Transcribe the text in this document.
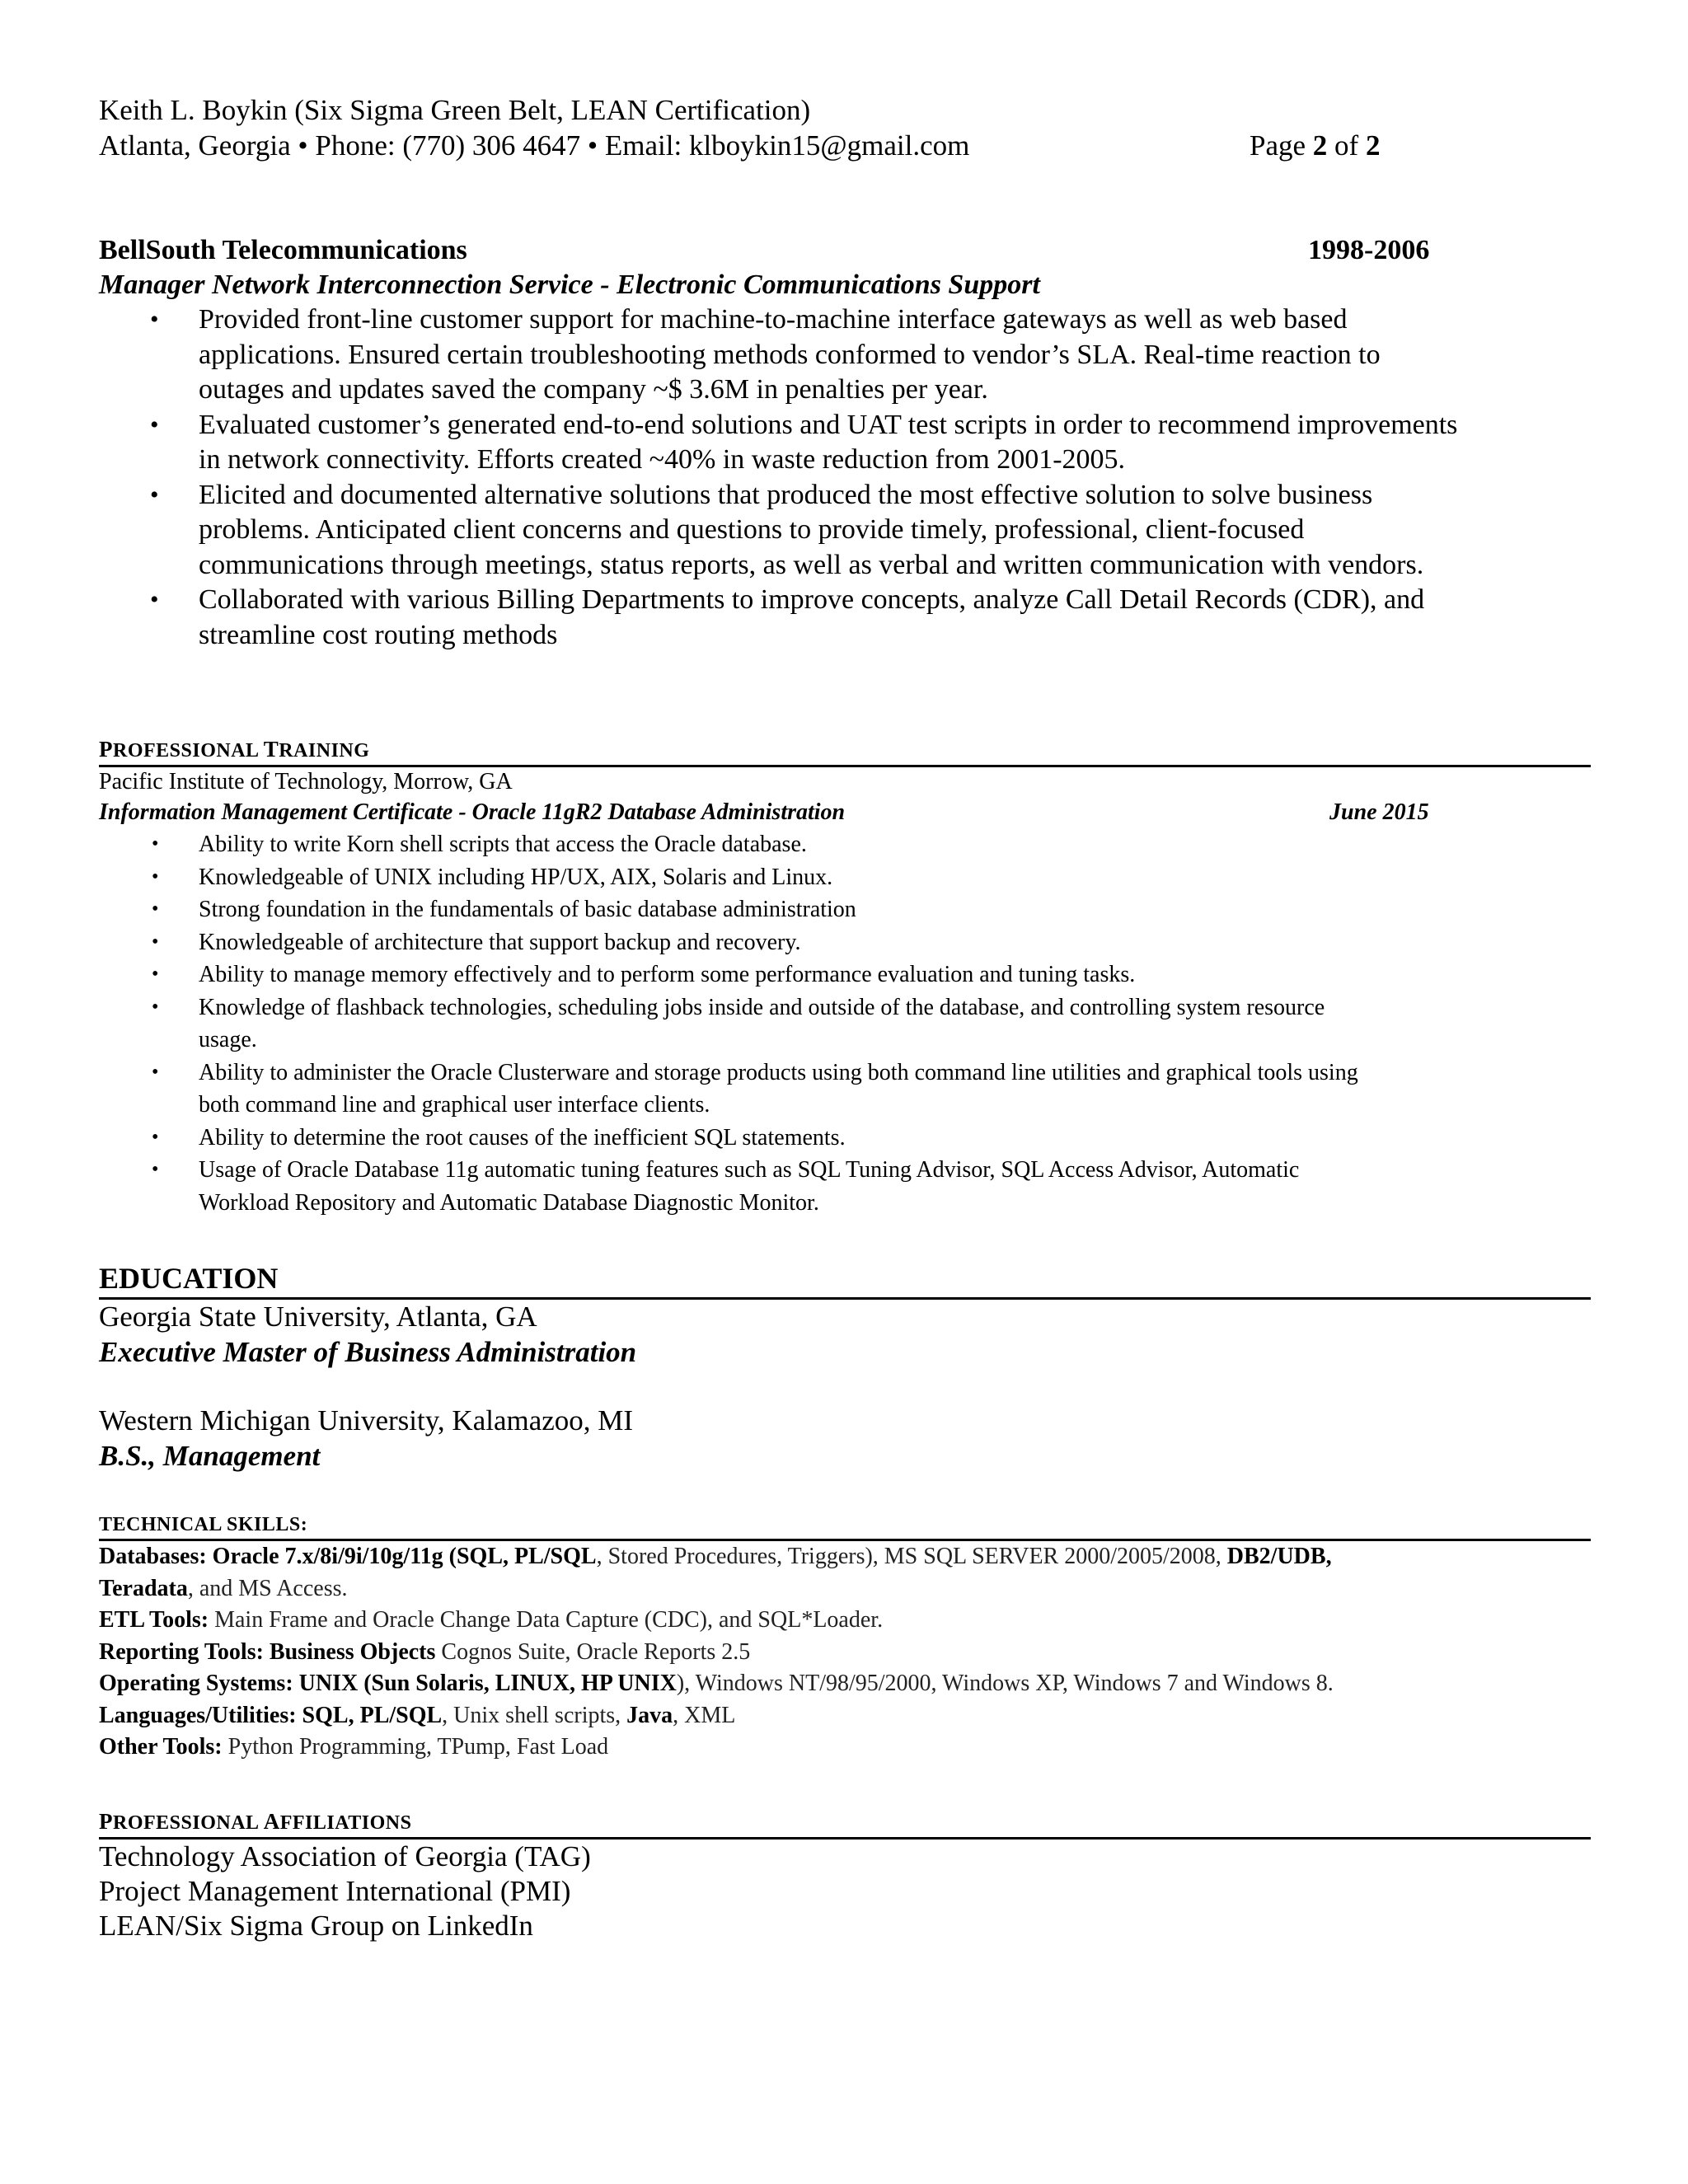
Keith L. Boykin (Six Sigma Green Belt, LEAN Certification)
Atlanta, Georgia • Phone: (770) 306 4647 • Email: klboykin15@gmail.com	Page 2 of 2
BellSouth Telecommunications	1998-2006
Manager Network Interconnection Service - Electronic Communications Support
• Provided front-line customer support for machine-to-machine interface gateways as well as web based
applications. Ensured certain troubleshooting methods conformed to vendor’s SLA. Real-time reaction to
outages and updates saved the company ~$ 3.6M in penalties per year.
• Evaluated customer’s generated end-to-end solutions and UAT test scripts in order to recommend improvements
in network connectivity. Efforts created ~40% in waste reduction from 2001-2005.
• Elicited and documented alternative solutions that produced the most effective solution to solve business
problems. Anticipated client concerns and questions to provide timely, professional, client-focused
communications through meetings, status reports, as well as verbal and written communication with vendors.
• Collaborated with various Billing Departments to improve concepts, analyze Call Detail Records (CDR), and
streamline cost routing methods
PROFESSIONAL TRAINING
Pacific Institute of Technology, Morrow, GA
Information Management Certificate - Oracle 11gR2 Database Administration	June 2015
• Ability to write Korn shell scripts that access the Oracle database.
• Knowledgeable of UNIX including HP/UX, AIX, Solaris and Linux.
• Strong foundation in the fundamentals of basic database administration
• Knowledgeable of architecture that support backup and recovery.
• Ability to manage memory effectively and to perform some performance evaluation and tuning tasks.
• Knowledge of flashback technologies, scheduling jobs inside and outside of the database, and controlling system resource
usage.
• Ability to administer the Oracle Clusterware and storage products using both command line utilities and graphical tools using
both command line and graphical user interface clients.
• Ability to determine the root causes of the inefficient SQL statements.
• Usage of Oracle Database 11g automatic tuning features such as SQL Tuning Advisor, SQL Access Advisor, Automatic
Workload Repository and Automatic Database Diagnostic Monitor.
EDUCATION
Georgia State University, Atlanta, GA
Executive Master of Business Administration
Western Michigan University, Kalamazoo, MI
B.S., Management
TECHNICAL SKILLS:
Databases: Oracle 7.x/8i/9i/10g/11g (SQL, PL/SQL, Stored Procedures, Triggers), MS SQL SERVER 2000/2005/2008, DB2/UDB,
Teradata, and MS Access.
ETL Tools: Main Frame and Oracle Change Data Capture (CDC), and SQL*Loader.
Reporting Tools: Business Objects Cognos Suite, Oracle Reports 2.5
Operating Systems: UNIX (Sun Solaris, LINUX, HP UNIX), Windows NT/98/95/2000, Windows XP, Windows 7 and Windows 8.
Languages/Utilities: SQL, PL/SQL, Unix shell scripts, Java, XML
Other Tools: Python Programming, TPump, Fast Load
PROFESSIONAL AFFILIATIONS
Technology Association of Georgia (TAG)
Project Management International (PMI)
LEAN/Six Sigma Group on LinkedIn
